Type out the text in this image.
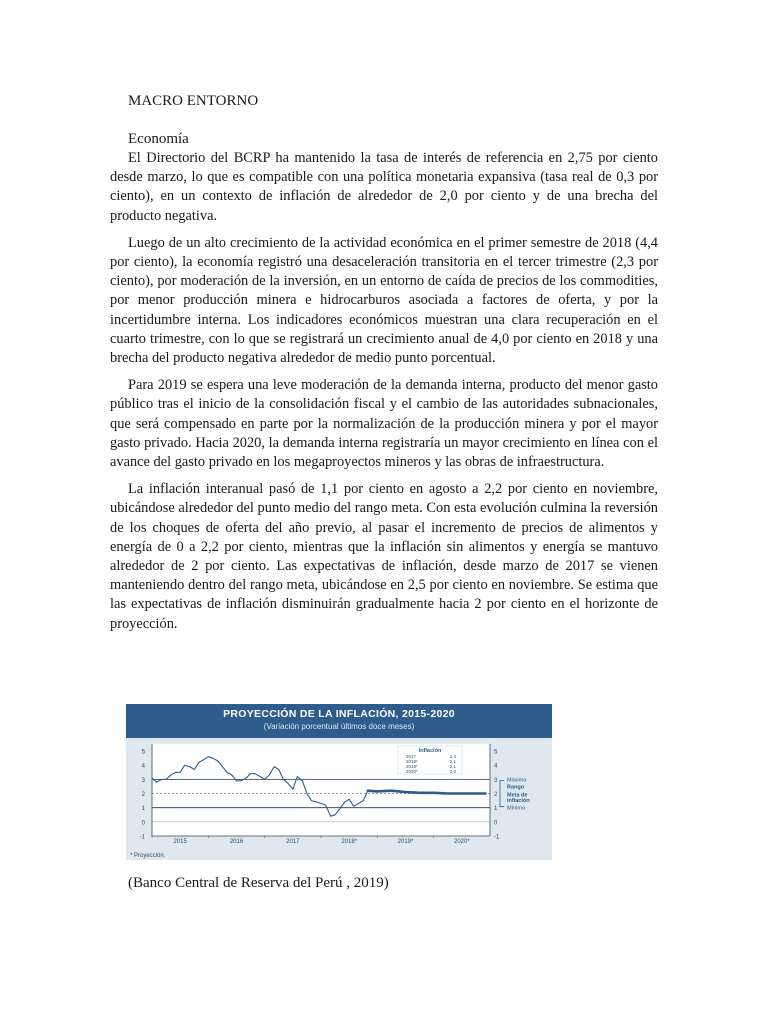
MACRO ENTORNO
Economía

El Directorio del BCRP ha mantenido la tasa de interés de referencia en 2,75 por ciento desde marzo, lo que es compatible con una política monetaria expansiva (tasa real de 0,3 por ciento), en un contexto de inflación de alrededor de 2,0 por ciento y de una brecha del producto negativa.

Luego de un alto crecimiento de la actividad económica en el primer semestre de 2018 (4,4 por ciento), la economía registró una desaceleración transitoria en el tercer trimestre (2,3 por ciento), por moderación de la inversión, en un entorno de caída de precios de los commodities, por menor producción minera e hidrocarburos asociada a factores de oferta, y por la incertidumbre interna. Los indicadores económicos muestran una clara recuperación en el cuarto trimestre, con lo que se registrará un crecimiento anual de 4,0 por ciento en 2018 y una brecha del producto negativa alrededor de medio punto porcentual.

Para 2019 se espera una leve moderación de la demanda interna, producto del menor gasto público tras el inicio de la consolidación fiscal y el cambio de las autoridades subnacionales, que será compensado en parte por la normalización de la producción minera y por el mayor gasto privado. Hacia 2020, la demanda interna registraría un mayor crecimiento en línea con el avance del gasto privado en los megaproyectos mineros y las obras de infraestructura.

La inflación interanual pasó de 1,1 por ciento en agosto a 2,2 por ciento en noviembre, ubicándose alrededor del punto medio del rango meta. Con esta evolución culmina la reversión de los choques de oferta del año previo, al pasar el incremento de precios de alimentos y energía de 0 a 2,2 por ciento, mientras que la inflación sin alimentos y energía se mantuvo alrededor de 2 por ciento. Las expectativas de inflación, desde marzo de 2017 se vienen manteniendo dentro del rango meta, ubicándose en 2,5 por ciento en noviembre. Se estima que las expectativas de inflación disminuirán gradualmente hacia 2 por ciento en el horizonte de proyección.

PROYECCIÓN DE LA INFLACIÓN, 2015-2020
(Variación porcentual últimos doce meses)
-1	-1
0	0
1	1
2	2
3	3
4	4
5	5
2015	2016	2017	2018*	2019*	2020*
Inflación
2017	1,4
2018*	2,1
2019*	2,1
2020*	2,0
Máximo
Rango
Meta de
inflación
Mínimo
* Proyección.
(Banco Central de Reserva del Perú , 2019)
